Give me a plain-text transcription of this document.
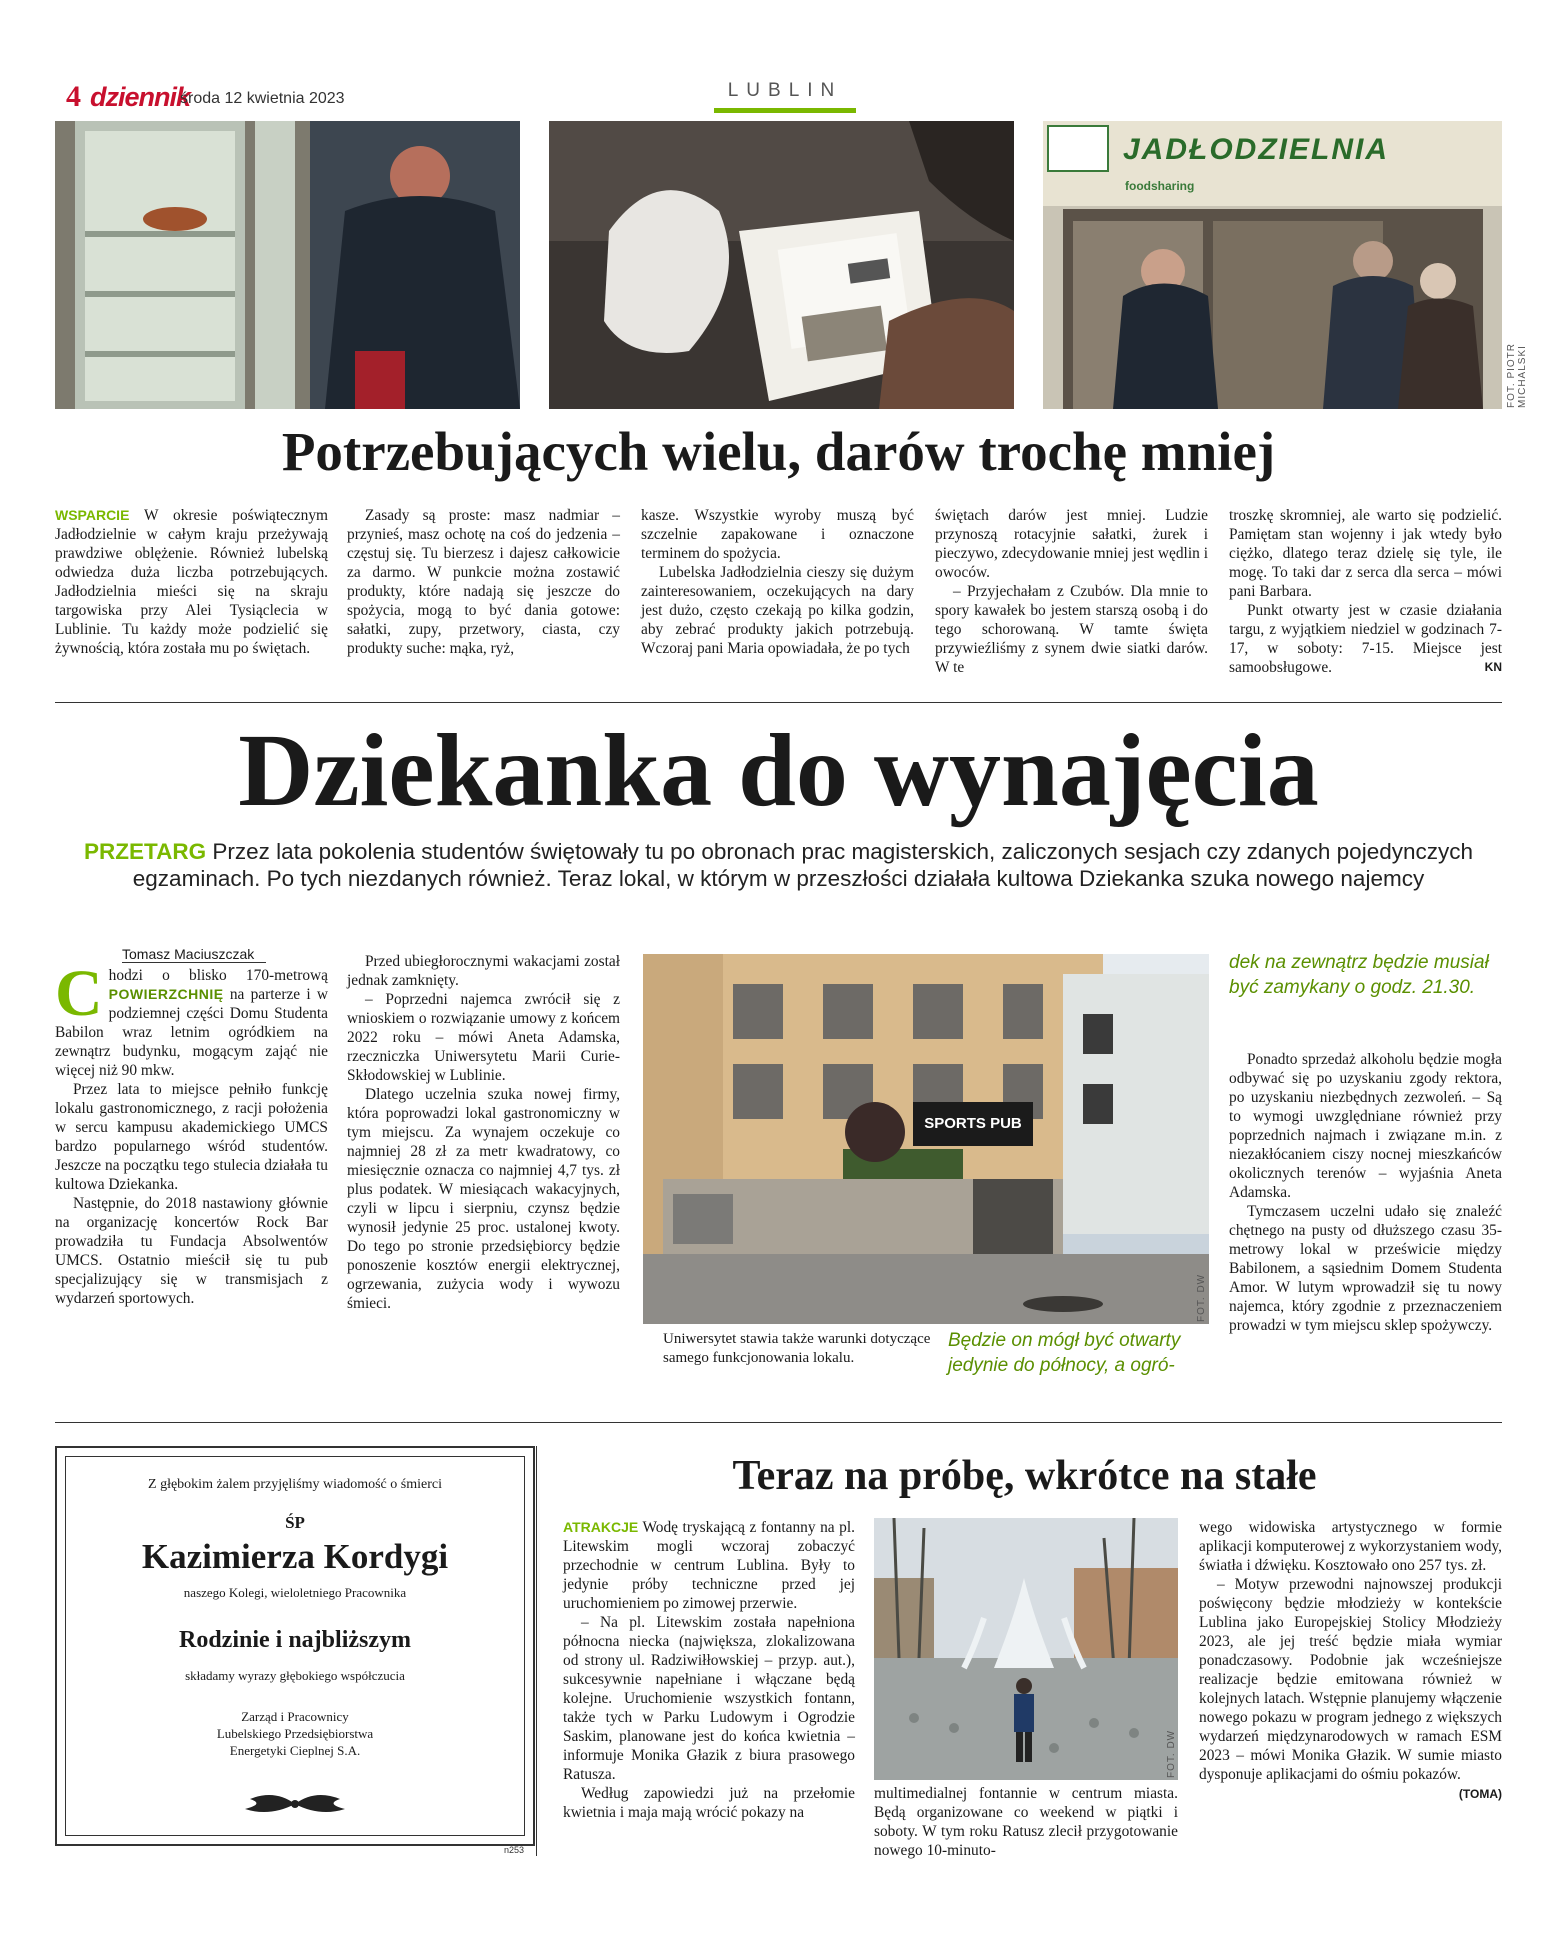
4 dziennik
środa 12 kwietnia 2023	LUBLIN
JADŁODZIELNIA
foodsharing
FOT. PIOTR MICHALSKI
Potrzebujących wielu, darów trochę mniej

WSPARCIE W okresie poświątecznym Jadłodzielnie w całym kraju przeżywają prawdziwe oblężenie. Również lubelską odwiedza duża liczba potrzebujących. Jadłodzielnia mieści się na skraju targowiska przy Alei Tysiąclecia w Lublinie. Tu każdy może podzielić się żywnością, która została mu po świętach.

Zasady są proste: masz nadmiar – przynieś, masz ochotę na coś do jedzenia – częstuj się. Tu bierzesz i dajesz całkowicie za darmo. W punkcie można zostawić produkty, które nadają się jeszcze do spożycia, mogą to być dania gotowe: sałatki, zupy, przetwory, ciasta, czy produkty suche: mąka, ryż,

kasze. Wszystkie wyroby muszą być szczelnie zapakowane i oznaczone terminem do spożycia.

Lubelska Jadłodzielnia cieszy się dużym zainteresowaniem, oczekujących na dary jest dużo, często czekają po kilka godzin, aby zebrać produkty jakich potrzebują. Wczoraj pani Maria opowiadała, że po tych

świętach darów jest mniej. Ludzie przynoszą rotacyjnie sałatki, żurek i pieczywo, zdecydowanie mniej jest wędlin i owoców.

– Przyjechałam z Czubów. Dla mnie to spory kawałek bo jestem starszą osobą i do tego schorowaną. W tamte święta przywieźliśmy z synem dwie siatki darów. W te

troszkę skromniej, ale warto się podzielić. Pamiętam stan wojenny i jak wtedy było ciężko, dlatego teraz dzielę się tyle, ile mogę. To taki dar z serca dla serca – mówi pani Barbara.

Punkt otwarty jest w czasie działania targu, z wyjątkiem niedziel w godzinach 7-17, w soboty: 7-15. Miejsce jest samoobsługowe.	KN

Dziekanka do wynajęcia
PRZETARG Przez lata pokolenia studentów świętowały tu po obronach prac magisterskich, zaliczonych sesjach czy zdanych pojedynczych egzaminach. Po tych niezdanych również. Teraz lokal, w którym w przeszłości działała kultowa Dziekanka szuka nowego najemcy
Tomasz Maciuszczak

Chodzi o blisko 170-metrową POWIERZCHNIĘ na parterze i w podziemnej części Domu Studenta Babilon wraz letnim ogródkiem na zewnątrz budynku, mogącym zająć nie więcej niż 90 mkw.

Przez lata to miejsce pełniło funkcję lokalu gastronomicznego, z racji położenia w sercu kampusu akademickiego UMCS bardzo popularnego wśród studentów. Jeszcze na początku tego stulecia działała tu kultowa Dziekanka.

Następnie, do 2018 nastawiony głównie na organizację koncertów Rock Bar prowadziła tu Fundacja Absolwentów UMCS. Ostatnio mieścił się tu pub specjalizujący się w transmisjach z wydarzeń sportowych.

Przed ubiegłorocznymi wakacjami został jednak zamknięty.

– Poprzedni najemca zwrócił się z wnioskiem o rozwiązanie umowy z końcem 2022 roku – mówi Aneta Adamska, rzeczniczka Uniwersytetu Marii Curie-Skłodowskiej w Lublinie.

Dlatego uczelnia szuka nowej firmy, która poprowadzi lokal gastronomiczny w tym miejscu. Za wynajem oczekuje co najmniej 28 zł za metr kwadratowy, co miesięcznie oznacza co najmniej 4,7 tys. zł plus podatek. W miesiącach wakacyjnych, czyli w lipcu i sierpniu, czynsz będzie wynosił jedynie 25 proc. ustalonej kwoty. Do tego po stronie przedsiębiorcy będzie ponoszenie kosztów energii elektrycznej, ogrzewania, zużycia wody i wywozu śmieci.

SPORTS PUB
FOT. DW
Uniwersytet stawia także warunki dotyczące samego funkcjonowania lokalu.
Będzie on mógł być otwarty jedynie do północy, a ogró-
dek na zewnątrz będzie musiał być zamykany o godz. 21.30.

Ponadto sprzedaż alkoholu będzie mogła odbywać się po uzyskaniu zgody rektora, po uzyskaniu niezbędnych zezwoleń. – Są to wymogi uwzględniane również przy poprzednich najmach i związane m.in. z niezakłócaniem ciszy nocnej mieszkańców okolicznych terenów – wyjaśnia Aneta Adamska.

Tymczasem uczelni udało się znaleźć chętnego na pusty od dłuższego czasu 35-metrowy lokal w prześwicie między Babilonem, a sąsiednim Domem Studenta Amor. W lutym wprowadził się tu nowy najemca, który zgodnie z przeznaczeniem prowadzi w tym miejscu sklep spożywczy.

Z głębokim żalem przyjęliśmy wiadomość o śmierci
ŚP
Kazimierza Kordygi
naszego Kolegi, wieloletniego Pracownika
Rodzinie i najbliższym
składamy wyrazy głębokiego współczucia
Zarząd i Pracownicy
Lubelskiego Przedsiębiorstwa
Energetyki Cieplnej S.A.
n253
Teraz na próbę, wkrótce na stałe

ATRAKCJE Wodę tryskającą z fontanny na pl. Litewskim mogli wczoraj zobaczyć przechodnie w centrum Lublina. Były to jedynie próby techniczne przed jej uruchomieniem po zimowej przerwie.

– Na pl. Litewskim została napełniona północna niecka (największa, zlokalizowana od strony ul. Radziwiłłowskiej – przyp. aut.), sukcesywnie napełniane i włączane będą kolejne. Uruchomienie wszystkich fontann, także tych w Parku Ludowym i Ogrodzie Saskim, planowane jest do końca kwietnia – informuje Monika Głazik z biura prasowego Ratusza.

Według zapowiedzi już na przełomie kwietnia i maja mają wrócić pokazy na

FOT. DW

multimedialnej fontannie w centrum miasta. Będą organizowane co weekend w piątki i soboty. W tym roku Ratusz zlecił przygotowanie nowego 10-minuto-

wego widowiska artystycznego w formie aplikacji komputerowej z wykorzystaniem wody, światła i dźwięku. Kosztowało ono 257 tys. zł.

– Motyw przewodni najnowszej produkcji poświęcony będzie młodzieży w kontekście Lublina jako Europejskiej Stolicy Młodzieży 2023, ale jej treść będzie miała wymiar ponadczasowy. Podobnie jak wcześniejsze realizacje będzie emitowana również w kolejnych latach. Wstępnie planujemy włączenie nowego pokazu w program jednego z większych wydarzeń międzynarodowych w ramach ESM 2023 – mówi Monika Głazik. W sumie miasto dysponuje aplikacjami do ośmiu pokazów.

(TOMA)
